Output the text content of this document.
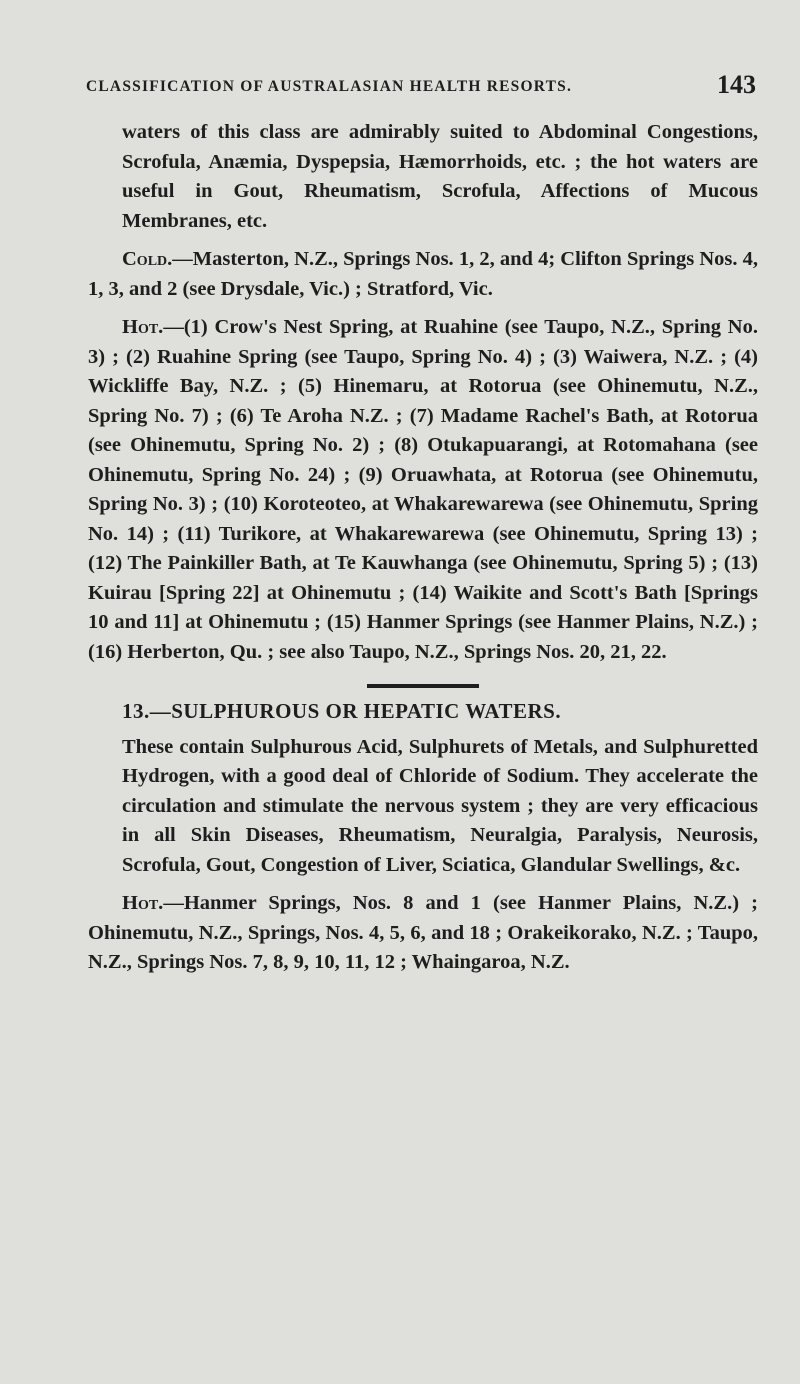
CLASSIFICATION OF AUSTRALASIAN HEALTH RESORTS.	143

waters of this class are admirably suited to Abdominal Congestions, Scrofula, Anæmia, Dyspepsia, Hæmorrhoids, etc. ; the hot waters are useful in Gout, Rheumatism, Scrofula, Affections of Mucous Membranes, etc.

Cold.—Masterton, N.Z., Springs Nos. 1, 2, and 4; Clifton Springs Nos. 4, 1, 3, and 2 (see Drysdale, Vic.) ; Stratford, Vic.

Hot.—(1) Crow's Nest Spring, at Ruahine (see Taupo, N.Z., Spring No. 3) ; (2) Ruahine Spring (see Taupo, Spring No. 4) ; (3) Waiwera, N.Z. ; (4) Wickliffe Bay, N.Z. ; (5) Hinemaru, at Rotorua (see Ohinemutu, N.Z., Spring No. 7) ; (6) Te Aroha N.Z. ; (7) Madame Rachel's Bath, at Rotorua (see Ohinemutu, Spring No. 2) ; (8) Otukapuarangi, at Rotomahana (see Ohinemutu, Spring No. 24) ; (9) Oruawhata, at Rotorua (see Ohinemutu, Spring No. 3) ; (10) Koroteoteo, at Whakarewarewa (see Ohinemutu, Spring No. 14) ; (11) Turikore, at Whakarewarewa (see Ohinemutu, Spring 13) ; (12) The Painkiller Bath, at Te Kauwhanga (see Ohinemutu, Spring 5) ; (13) Kuirau [Spring 22] at Ohinemutu ; (14) Waikite and Scott's Bath [Springs 10 and 11] at Ohinemutu ; (15) Hanmer Springs (see Hanmer Plains, N.Z.) ; (16) Herberton, Qu. ; see also Taupo, N.Z., Springs Nos. 20, 21, 22.

13.—SULPHUROUS OR HEPATIC WATERS.

These contain Sulphurous Acid, Sulphurets of Metals, and Sulphuretted Hydrogen, with a good deal of Chloride of Sodium. They accelerate the circulation and stimulate the nervous system ; they are very efficacious in all Skin Diseases, Rheumatism, Neuralgia, Paralysis, Neurosis, Scrofula, Gout, Congestion of Liver, Sciatica, Glandular Swellings, &c.

Hot.—Hanmer Springs, Nos. 8 and 1 (see Hanmer Plains, N.Z.) ; Ohinemutu, N.Z., Springs, Nos. 4, 5, 6, and 18 ; Orakeikorako, N.Z. ; Taupo, N.Z., Springs Nos. 7, 8, 9, 10, 11, 12 ; Whaingaroa, N.Z.
